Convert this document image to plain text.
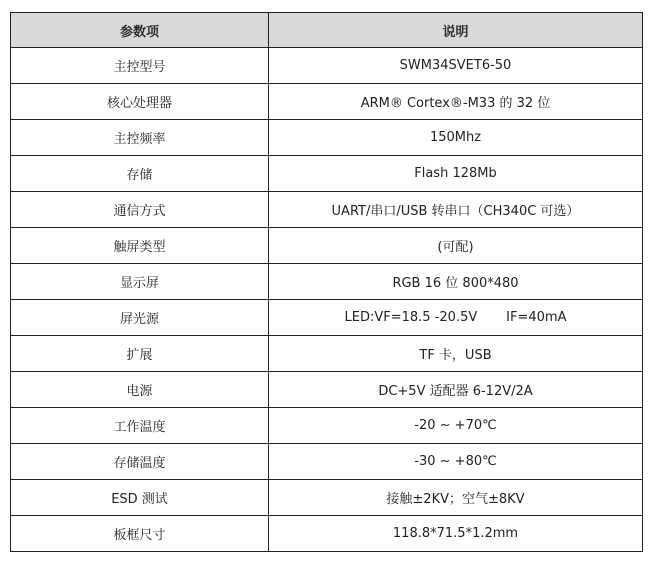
参数项	说明
主控型号	SWM34SVET6-50
核心处理器	ARM® Cortex®-M33 的 32 位
主控频率	150Mhz
存储	Flash 128Mb
通信方式	UART/串口/USB 转串口（CH340C 可选）
触屏类型	(可配)
显示屏	RGB 16 位 800*480
屏光源	LED:VF=18.5 -20.5V       IF=40mA
扩展	TF 卡，USB
电源	DC+5V 适配器 6-12V/2A
工作温度	-20 ~ +70℃
存储温度	-30 ~ +80℃
ESD 测试	接触±2KV；空气±8KV
板框尺寸	118.8*71.5*1.2mm
